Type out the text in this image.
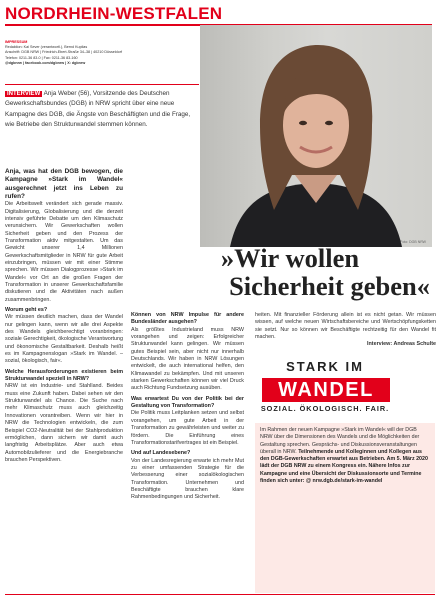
NORDRHEIN-WESTFALEN
IMPRESSUM
Redaktion: Kai Sever (verantwortl.), Bernd Kupilas
Anschrift: DGB NRW | Friedrich-Ebert-Straße 34–38 | 40210 Düsseldorf
Telefon: 0211-36 83-0 | Fax: 0211-36 83-160
@dgbnrw | facebook.com/dgbnrw | X: dgbnrw
Foto: DGB NRW
INTERVIEW Anja Weber (56), Vorsitzende des Deutschen Gewerkschaftsbundes (DGB) in NRW spricht über eine neue Kampagne des DGB, die Ängste von Beschäftigten und die Frage, wie Betriebe den Strukturwandel stemmen können.
Anja, was hat den DGB bewogen, die Kampagne »Stark im Wandel« ausgerechnet jetzt ins Leben zu rufen?
Die Arbeitswelt verändert sich gerade massiv. Digitalisierung, Globalisierung und die derzeit intensiv geführte Debatte um den Klimaschutz verunsichern. Wir Gewerkschaften wollen Sicherheit geben und den Prozess der Transformation aktiv mitgestalten. Um das Gewicht unserer 1,4 Millionen Gewerkschaftsmitglieder in NRW für gute Arbeit einzubringen, müssen wir mit einer Stimme sprechen. Wir müssen Dialogprozesse »Stark im Wandel« vor Ort an die großen Fragen der Transformation in unserer Gewerkschaftsfamilie diskutieren und die Aktivitäten nach außen zusammenbringen.
Worum geht es?
Wir müssen deutlich machen, dass der Wandel nur gelingen kann, wenn wir alle drei Aspekte des Wandels gleichberechtigt voranbringen: soziale Gerechtigkeit, ökologische Verantwortung und ökonomische Gestaltbarkeit. Deshalb heißt es im Kampagnenslogan »Stark im Wandel. – sozial, ökologisch, fair«.
Welche Herausforderungen existieren beim Strukturwandel speziell in NRW?
NRW ist ein Industrie- und Stahlland. Beides muss eine Zukunft haben. Dabei sehen wir den Strukturwandel als Chance. Die Suche nach mehr Klimaschutz muss auch gleichzeitig Innovationen vorantreiben. Wenn wir hier in NRW die Technologien entwickeln, die zum Beispiel CO2-Neutralität bei der Stahlproduktion ermöglichen, dann sichern wir damit auch langfristig Arbeitsplätze. Aber auch etwa Automobilzulieferer und die Energiebranche brauchen Perspektiven.
»Wir wollen
Sicherheit geben«
Können von NRW Impulse für andere Bundesländer ausgehen?
Als größtes Industrieland muss NRW vorangehen und zeigen: Erfolgreicher Strukturwandel kann gelingen. Wir müssen gutes Beispiel sein, aber nicht nur innerhalb Deutschlands. Wir haben in NRW Lösungen entwickelt, die auch international helfen, den Klimawandel zu bekämpfen. Und mit unseren starken Gewerkschaften können wir viel Druck auch Richtung Fundsetzung ausüben.
Was erwartest Du von der Politik bei der Gestaltung von Transformation?
Die Politik muss Leitplanken setzen und selbst vorangehen, um gute Arbeit in der Transformation zu gewährleisten und weiter zu fördern. Die Einführung eines Transformationstarifvertrages ist ein Beispiel.
Und auf Landesebene?
Von der Landesregierung erwarte ich mehr Mut zu einer umfassenden Strategie für die Verbesserung einer sozialökologischen Transformation. Unternehmen und Beschäftigte brauchen klare Rahmenbedingungen und Sicherheit.
heiten. Mit finanzieller Förderung allein ist es nicht getan. Wir müssen wissen, auf welche neuen Wirtschaftsbereiche und Wertschöpfungsketten sie setzt. Nur so können wir Beschäftigte rechtzeitig für den Wandel fit machen.
Interview: Andreas Schulte
STARK IM
WANDEL
SOZIAL. ÖKOLOGISCH. FAIR.
Im Rahmen der neuen Kampagne »Stark im Wandel« will der DGB NRW über die Dimensionen des Wandels und die Möglichkeiten der Gestaltung sprechen. Gesprächs- und Diskussionsveranstaltungen überall in NRW. Teilnehmende und Kolleginnen und Kollegen aus den DGB-Gewerkschaften erwartet aus Betrieben. Am 5. März 2020 lädt der DGB NRW zu einem Kongress ein. Nähere Infos zur Kampagne und eine Übersicht der Diskussionsorte und Termine finden sich unter: @ nrw.dgb.de/stark-im-wandel
